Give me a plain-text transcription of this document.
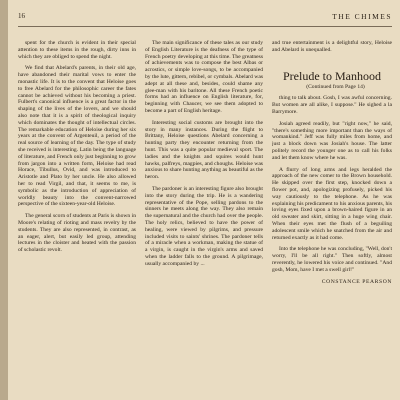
16	THE CHIMES

spent for the church is evident in their special attention to these items in the rough, dirty inns in which they are obliged to spend the night.

We find that Abelard's parents, in their old age, have abandoned their marital vows to enter the monastic life. It is to the convent that Heloise goes to free Abelard for the philosophic career the fates cannot be achieved without his becoming a priest. Fulbert's canonical influence is a great factor in the shaping of the lives of the lovers, and we should also note that it is a spirit of theological inquiry which dominates the thought of intellectual circles. The remarkable education of Heloise during her six years at the convent of Argenteuil, a period of the real source of learning of the day. The type of study she received is interesting. Latin being the language of literature, and French only just beginning to grow from jargon into a written form, Heloise had read Horace, Tibullus, Ovid, and was introduced to Aristotle and Plato by her uncle. He also allowed her to read Virgil, and that, it seems to me, is symbolic as the introduction of appreciation of worldly beauty into the convent-narrowed perspective of the sixteen-year-old Heloise.

The general scorn of students at Paris is shown in Moore's relating of rioting and mass revelry by the students. They are also represented, in contrast, as an eager, alert, but easily led group, attending lectures in the cloister and heated with the passion of scholastic revolt.

The main significance of these tales as our study of English Literature is the deafness of the type of French poetry developing at this time. The greatness of achievements was to compose the best Albas or acrostics, or simple love-songs, to be accompanied by the lute, gittern, rebibel, or cymbals. Abelard was adept at all these and, besides, could shame any glee-man with his baritone. All these French poetic forms had an influence on English literature, for, beginning with Chaucer, we see them adopted to become a part of English heritage.

Interesting social customs are brought into the story in many instances. During the flight to Brittany, Heloise questions Abelard concerning a hunting party they encounter returning from the hunt. This was a quite popular medieval sport. The ladies and the knights and squires would hunt hawks, palfreys, magpies, and choughs. Heloise was anxious to share hunting anything as beautiful as the heron.

The pardoner is an interesting figure also brought into the story during the trip. He is a wandering representative of the Pope, selling pardons to the sinners he meets along the way. They also remain the supernatural and the church had over the people. The holy relics, believed to have the power of healing, were viewed by pilgrims, and pressure included visits to saints' shrines. The pardoner tells of a miracle when a workman, making the statue of a virgin, is caught in the virgin's arms and saved when the ladder falls to the ground. A pilgrimage, usually accompanied by ...

and true entertainment is a delightful story, Heloise and Abelard is unequalled.

Prelude to Manhood

(Continued from Page 14)

thing to talk about. Gosh, I was awful concerning. But women are all alike, I suppose." He sighed a la Barrymore.

Josiah agreed readily, but "right now," he said, "there's something more important than the ways of womankind." Jeff was fully miles from home, and just a block down was Josiah's house. The latter politely record the younger one as to call his folks and let them know where he was.

A flurry of long arms and legs heralded the approach of the new comer to the Brown household. He skipped over the first step, knocked down a flower pot, and, apologizing profusely, picked his way cautiously to the telephone. As he was explaining his predicament to his anxious parents, his loving eyes fixed upon a brown-haired figure in an old sweater and skirt, sitting in a huge wing chair. When their eyes met the flush of a beguiling adolescent smile which he snatched from the air and returned exactly as it had come.

Into the telephone he was concluding, "Well, don't worry, I'll be all right." Then softly, almost reverently, he lowered his voice and continued. "And gosh, Mom, have I met a swell girl!"

CONSTANCE PEARSON
